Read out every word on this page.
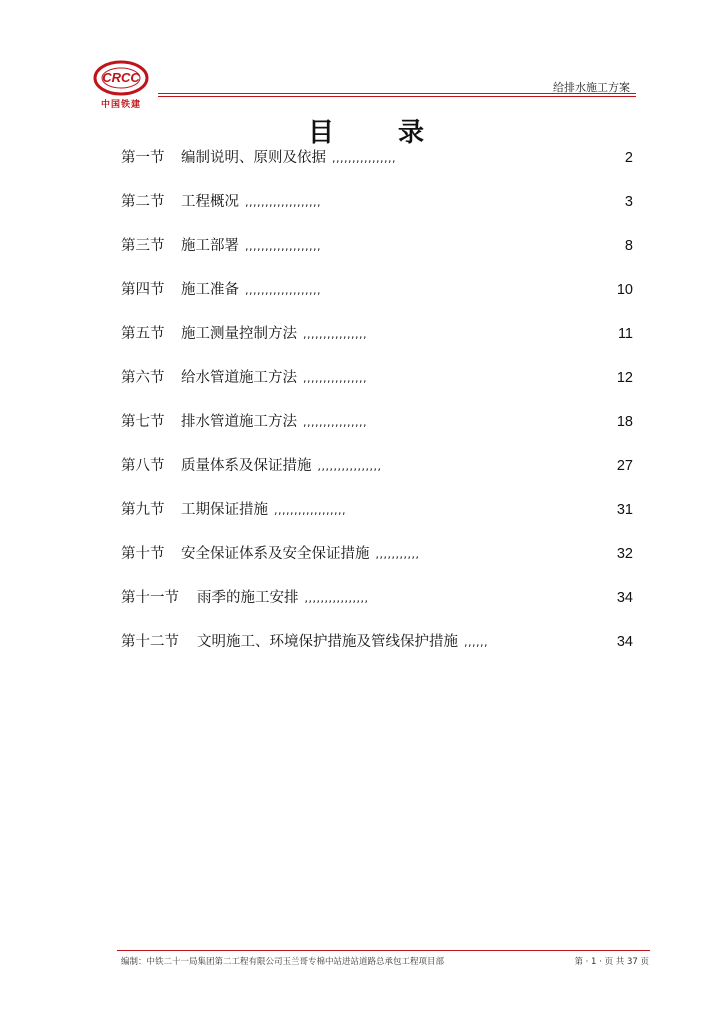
CRCC
中国铁建
给排水施工方案
目录
第一节 编制说明、原则及依据 ,,,,,,,,,,,,,,,,	2
第二节 工程概况 ,,,,,,,,,,,,,,,,,,,	3
第三节 施工部署 ,,,,,,,,,,,,,,,,,,,	8
第四节 施工准备 ,,,,,,,,,,,,,,,,,,,	10
第五节 施工测量控制方法 ,,,,,,,,,,,,,,,,	11
第六节 给水管道施工方法 ,,,,,,,,,,,,,,,,	12
第七节 排水管道施工方法 ,,,,,,,,,,,,,,,,	18
第八节 质量体系及保证措施 ,,,,,,,,,,,,,,,,	27
第九节 工期保证措施 ,,,,,,,,,,,,,,,,,,	31
第十节 安全保证体系及安全保证措施 ,,,,,,,,,,,	32
第十一节 雨季的施工安排 ,,,,,,,,,,,,,,,,	34
第十二节 文明施工、环境保护措施及管线保护措施 ,,,,,,	34
编制：中铁二十一局集团第二工程有限公司玉兰哥专棉中站进站道路总承包工程项目部	第 · 1 · 页 共 37 页
